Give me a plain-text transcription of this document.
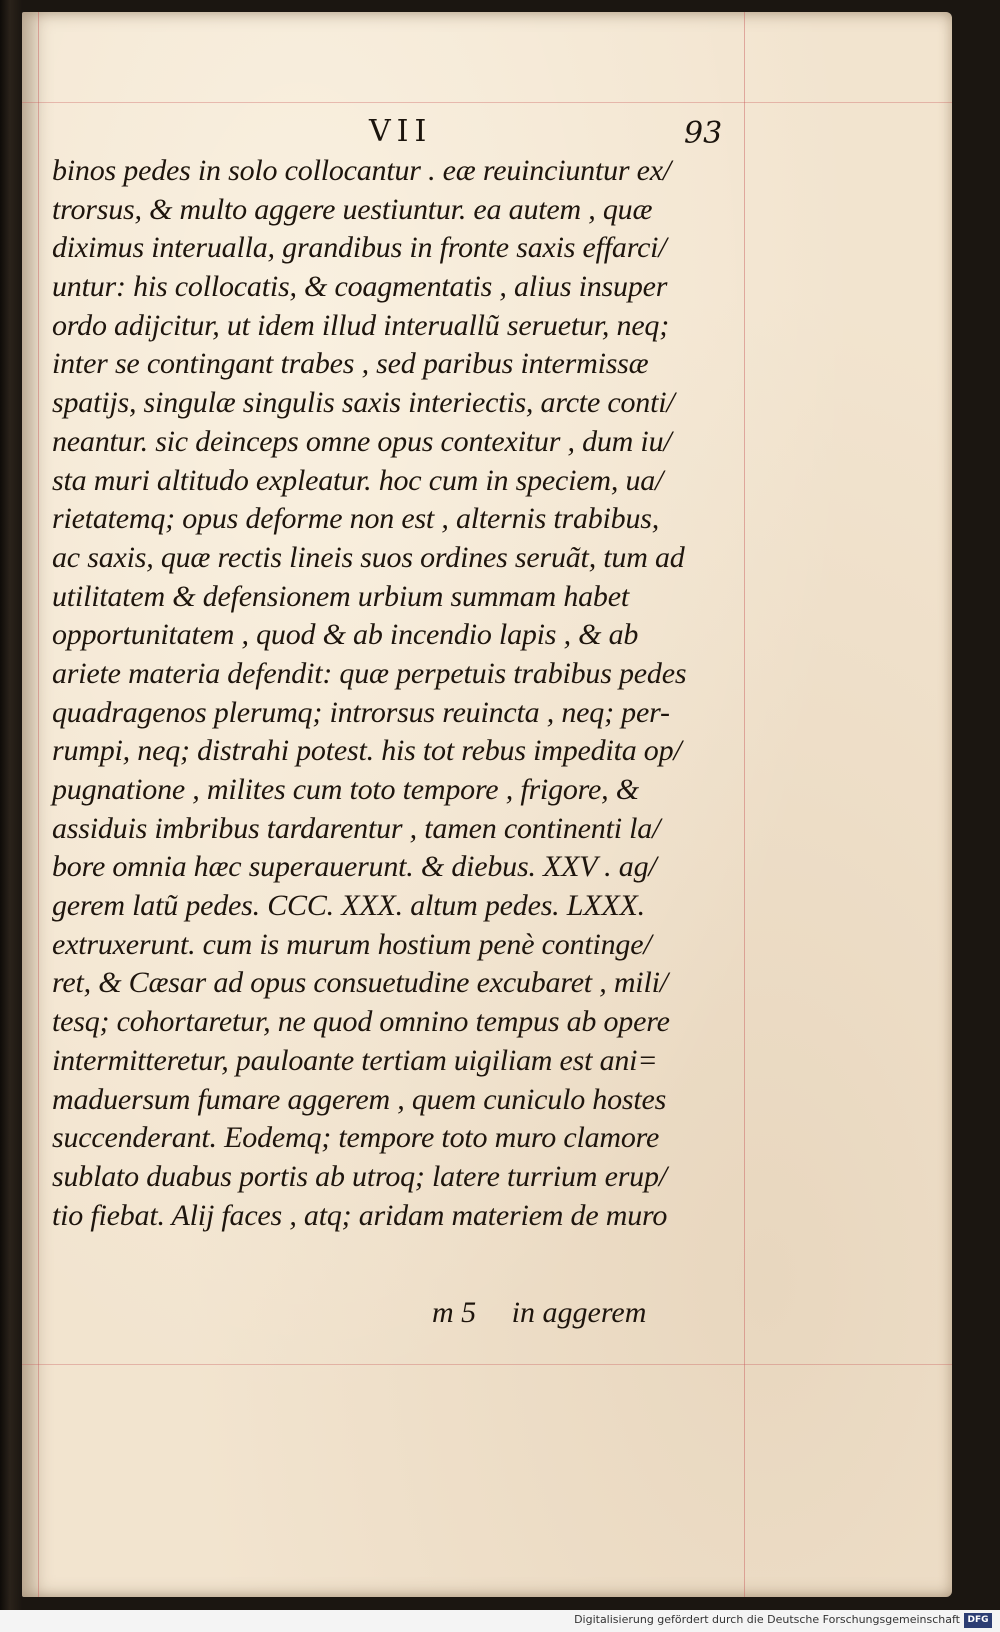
VII	93
binos pedes in solo collocantur . eæ reuinciuntur ex/
trorsus, & multo aggere uestiuntur. ea autem , quæ
diximus interualla, grandibus in fronte saxis effarci/
untur: his collocatis, & coagmentatis , alius insuper
ordo adijcitur, ut idem illud interuallũ seruetur, neq;
inter se contingant trabes , sed paribus intermissæ
spatijs, singulæ singulis saxis interiectis, arcte conti/
neantur. sic deinceps omne opus contexitur , dum iu/
sta muri altitudo expleatur. hoc cum in speciem, ua/
rietatemq; opus deforme non est , alternis trabibus,
ac saxis, quæ rectis lineis suos ordines seruãt, tum ad
utilitatem & defensionem urbium summam habet
opportunitatem , quod & ab incendio lapis , & ab
ariete materia defendit: quæ perpetuis trabibus pedes
quadragenos plerumq; introrsus reuincta , neq; per-
rumpi, neq; distrahi potest. his tot rebus impedita op/
pugnatione , milites cum toto tempore , frigore, &
assiduis imbribus tardarentur , tamen continenti la/
bore omnia hæc superauerunt. & diebus. XXV . ag/
gerem latũ pedes. CCC. XXX. altum pedes. LXXX.
extruxerunt. cum is murum hostium penè continge/
ret, & Cæsar ad opus consuetudine excubaret , mili/
tesq; cohortaretur, ne quod omnino tempus ab opere
intermitteretur, pauloante tertiam uigiliam est ani=
maduersum fumare aggerem , quem cuniculo hostes
succenderant. Eodemq; tempore toto muro clamore
sublato duabus portis ab utroq; latere turrium erup/
tio fiebat. Alij faces , atq; aridam materiem de muro
m 5 in aggerem
Digitalisierung gefördert durch die Deutsche Forschungsgemeinschaft DFG
